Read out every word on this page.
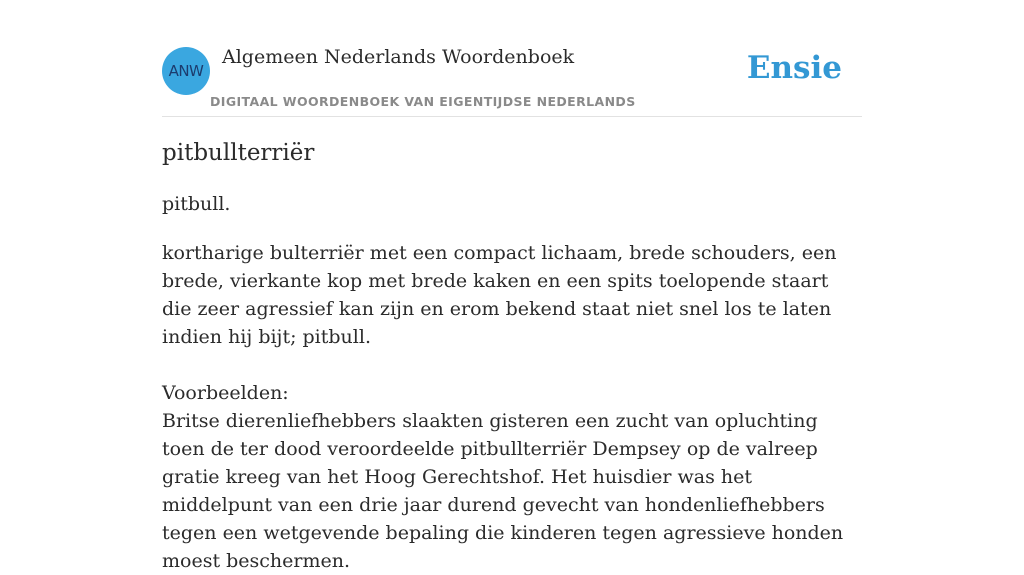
ANW
Algemeen Nederlands Woordenboek
DIGITAAL WOORDENBOEK VAN EIGENTIJDSE NEDERLANDS
Ensie
pitbullterriër
pitbull.

kortharige bulterriër met een compact lichaam, brede schouders, een brede, vierkante kop met brede kaken en een spits toelopende staart die zeer agressief kan zijn en erom bekend staat niet snel los te laten indien hij bijt; pitbull.

Voorbeelden:

Britse dierenliefhebbers slaakten gisteren een zucht van opluchting toen de ter dood veroordeelde pitbullterriër Dempsey op de valreep gratie kreeg van het Hoog Gerechtshof. Het huisdier was het middelpunt van een drie jaar durend gevecht van hondenliefhebbers tegen een wetgevende bepaling die kinderen tegen agressieve honden moest beschermen.
